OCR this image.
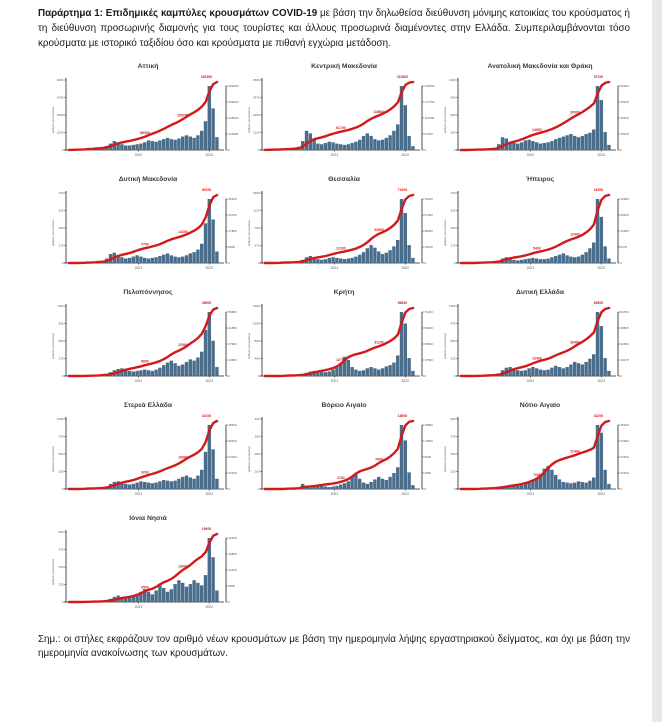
Παράρτημα 1: Επιδημικές καμπύλες κρουσμάτων COVID-19 με βάση την δηλωθείσα διεύθυνση μόνιμης κατοικίας του κρούσματος ή τη διεύθυνση προσωρινής διαμονής για τους τουρίστες και άλλους προσωρινά διαμένοντες στην Ελλάδα. Συμπεριλαμβάνονται τόσο κρούσματα με ιστορικό ταξιδίου όσο και κρούσματα με πιθανή εγχώρια μετάδοση.

Αττική
αριθμός κρουσμάτων
0
2250
4500
6750
9000
0
113000
226000
339000
452000
88300
205700
391500
2021	2022
Κεντρική Μακεδονία
αριθμός κρουσμάτων
0
1125
2250
3375
4500
0
57250
114500
171750
229000
61700
116600
219300
2021	2022
Ανατολική Μακεδονία και Θράκη
αριθμός κρουσμάτων
0
300
600
900
1200
0
15075
30150
45225
60300
14500
30000
57100
2021	2022
Δυτική Μακεδονία
αριθμός κρουσμάτων
0
175
350
525
700
0
8900
17800
26700
35600
7700
14200
30200
2021	2022
Θεσσαλία
αριθμός κρουσμάτων
0
375
750
1125
1500
0
19100
38200
57300
76400
12200
32800
71600
2021	2022
Ήπειρος
αριθμός κρουσμάτων
0
175
350
525
700
0
8475
16950
25425
33900
5400
12400
31500
2021	2022
Πελοπόννησος
αριθμός κρουσμάτων
0
275
550
825
1100
0
13950
27900
41850
55800
8800
22500
49800
2021	2022
Κρήτη
αριθμός κρουσμάτων
0
400
800
1200
1600
0
17800
35600
53400
71200
12700
31100
66600
2021	2022
Δυτική Ελλάδα
αριθμός κρουσμάτων
0
325
650
975
1300
0
16175
32350
48525
64700
13400
28400
60800
2021	2022
Στερεά Ελλάδα
αριθμός κρουσμάτων
0
250
500
750
1000
0
12150
24300
36450
48600
9200
19900
42100
2021	2022
Βόρειο Αιγαίο
αριθμός κρουσμάτων
0
100
200
300
400
0
4950
9900
14850
19800
2100
7600
18600
2021	2022
Νότιο Αιγαίο
αριθμός κρουσμάτων
0
225
450
675
900
0
11300
22600
33900
45200
7000
22400
42200
2021	2022
Ιόνια Νησιά
αριθμός κρουσμάτων
0
125
250
375
500
0
5600
11200
16800
22400
3500
10600
19600
2021	2022

Σημ.: οι στήλες εκφράζουν τον αριθμό νέων κρουσμάτων με βάση την ημερομηνία λήψης εργαστηριακού δείγματος, και όχι με βάση την ημερομηνία ανακοίνωσης των κρουσμάτων.
